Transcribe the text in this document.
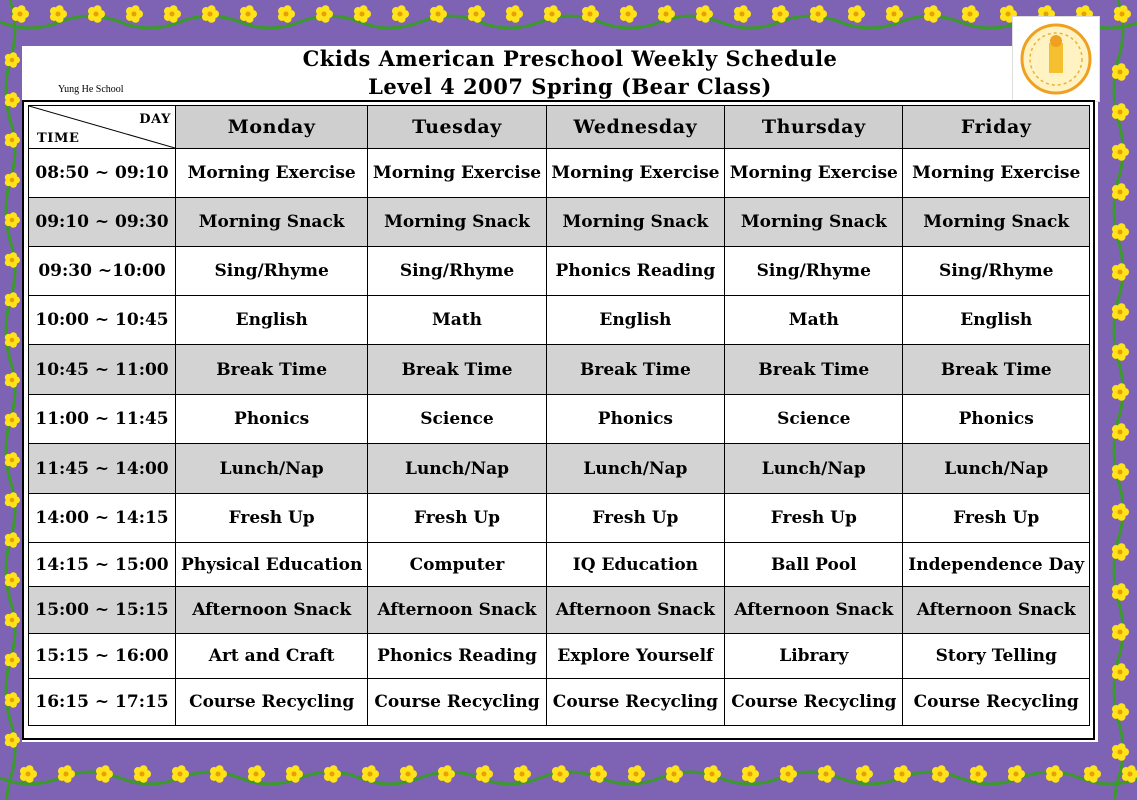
Ckids American Preschool Weekly Schedule
Level 4 2007 Spring (Bear Class)
Yung He School
DAY
TIME	Monday	Tuesday	Wednesday	Thursday	Friday
08:50 ~ 09:10	Morning Exercise	Morning Exercise	Morning Exercise	Morning Exercise	Morning Exercise
09:10 ~ 09:30	Morning Snack	Morning Snack	Morning Snack	Morning Snack	Morning Snack
09:30 ~10:00	Sing/Rhyme	Sing/Rhyme	Phonics Reading	Sing/Rhyme	Sing/Rhyme
10:00 ~ 10:45	English	Math	English	Math	English
10:45 ~ 11:00	Break Time	Break Time	Break Time	Break Time	Break Time
11:00 ~ 11:45	Phonics	Science	Phonics	Science	Phonics
11:45 ~ 14:00	Lunch/Nap	Lunch/Nap	Lunch/Nap	Lunch/Nap	Lunch/Nap
14:00 ~ 14:15	Fresh Up	Fresh Up	Fresh Up	Fresh Up	Fresh Up
14:15 ~ 15:00	Physical Education	Computer	IQ Education	Ball Pool	Independence Day
15:00 ~ 15:15	Afternoon Snack	Afternoon Snack	Afternoon Snack	Afternoon Snack	Afternoon Snack
15:15 ~ 16:00	Art and Craft	Phonics Reading	Explore Yourself	Library	Story Telling
16:15 ~ 17:15	Course Recycling	Course Recycling	Course Recycling	Course Recycling	Course Recycling
